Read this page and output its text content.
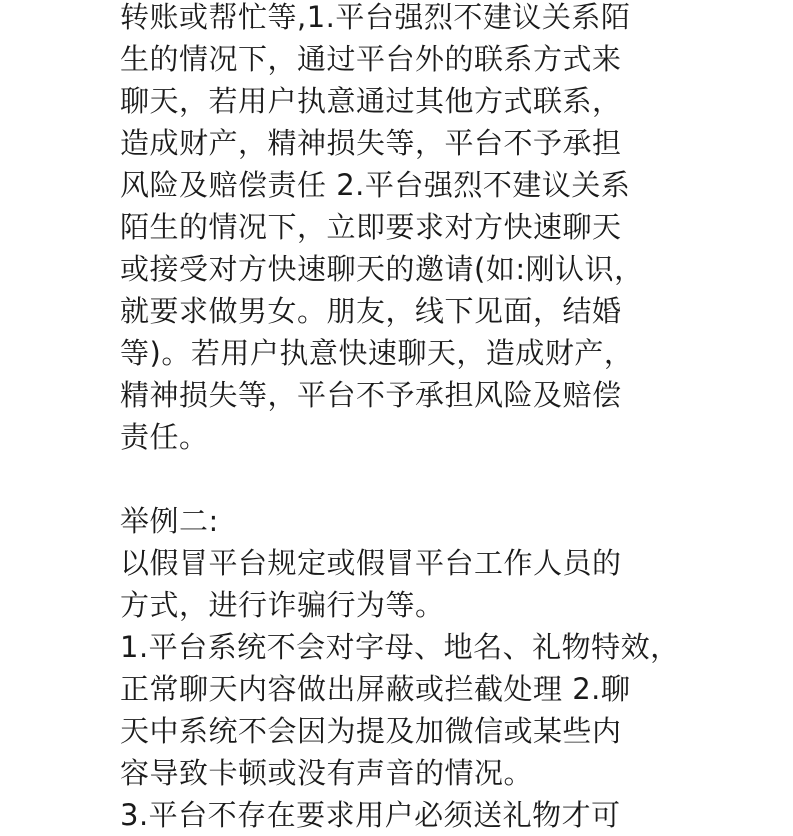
转账或帮忙等,1.平台强烈不建议关系陌
生的情况下，通过平台外的联系方式来
聊天，若用户执意通过其他方式联系，
造成财产，精神损失等，平台不予承担
风险及赔偿责任 2.平台强烈不建议关系
陌生的情况下，立即要求对方快速聊天
或接受对方快速聊天的邀请(如:刚认识，
就要求做男女。朋友，线下见面，结婚
等)。若用户执意快速聊天，造成财产，
精神损失等，平台不予承担风险及赔偿
责任。
举例二:
以假冒平台规定或假冒平台工作人员的
方式，进行诈骗行为等。
1.平台系统不会对字母、地名、礼物特效，
正常聊天内容做出屏蔽或拦截处理 2.聊
天中系统不会因为提及加微信或某些内
容导致卡顿或没有声音的情况。
3.平台不存在要求用户必须送礼物才可
